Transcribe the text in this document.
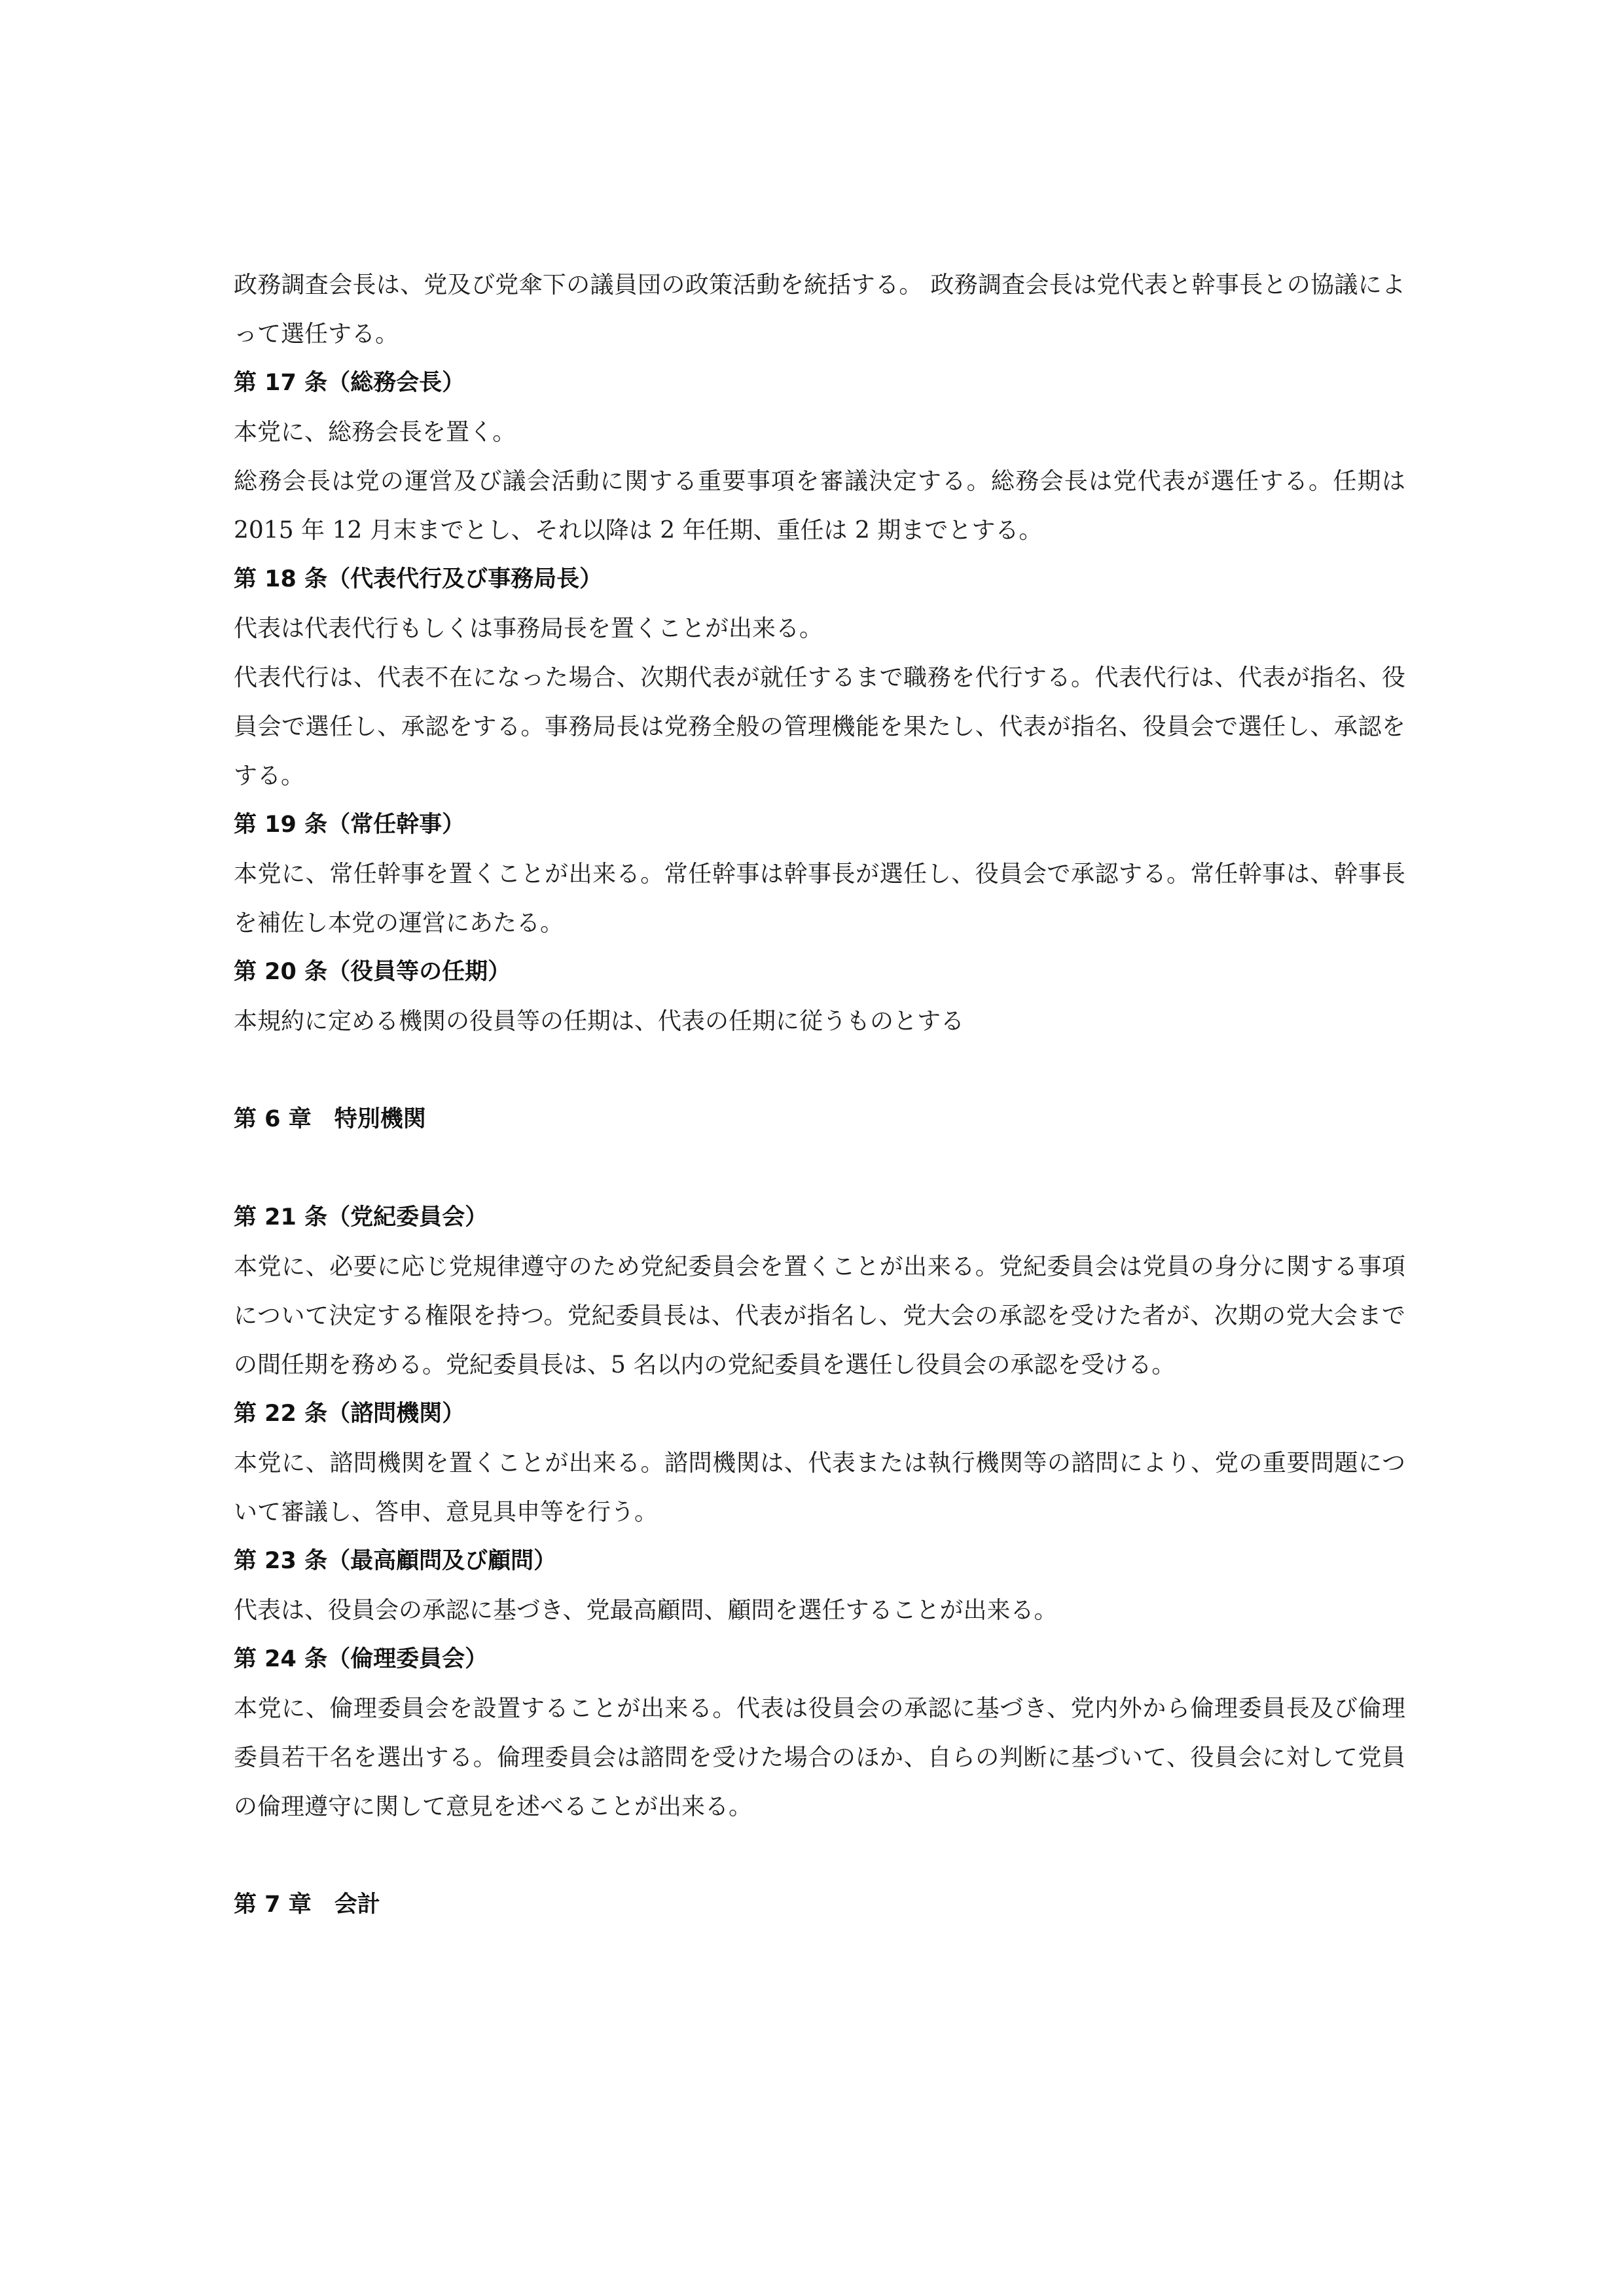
政務調査会長は、党及び党傘下の議員団の政策活動を統括する。 政務調査会長は党代表と幹事長との協議によって選任する。

第 17 条（総務会長）

本党に、総務会長を置く。

総務会長は党の運営及び議会活動に関する重要事項を審議決定する。総務会長は党代表が選任する。任期は 2015 年 12 月末までとし、それ以降は 2 年任期、重任は 2 期までとする。

第 18 条（代表代行及び事務局長）

代表は代表代行もしくは事務局長を置くことが出来る。

代表代行は、代表不在になった場合、次期代表が就任するまで職務を代行する。代表代行は、代表が指名、役員会で選任し、承認をする。事務局長は党務全般の管理機能を果たし、代表が指名、役員会で選任し、承認をする。

第 19 条（常任幹事）

本党に、常任幹事を置くことが出来る。常任幹事は幹事長が選任し、役員会で承認する。常任幹事は、幹事長を補佐し本党の運営にあたる。

第 20 条（役員等の任期）

本規約に定める機関の役員等の任期は、代表の任期に従うものとする

第 6 章　特別機関

第 21 条（党紀委員会）

本党に、必要に応じ党規律遵守のため党紀委員会を置くことが出来る。党紀委員会は党員の身分に関する事項について決定する権限を持つ。党紀委員長は、代表が指名し、党大会の承認を受けた者が、次期の党大会までの間任期を務める。党紀委員長は、5 名以内の党紀委員を選任し役員会の承認を受ける。

第 22 条（諮問機関）

本党に、諮問機関を置くことが出来る。諮問機関は、代表または執行機関等の諮問により、党の重要問題について審議し、答申、意見具申等を行う。

第 23 条（最高顧問及び顧問）

代表は、役員会の承認に基づき、党最高顧問、顧問を選任することが出来る。

第 24 条（倫理委員会）

本党に、倫理委員会を設置することが出来る。代表は役員会の承認に基づき、党内外から倫理委員長及び倫理委員若干名を選出する。倫理委員会は諮問を受けた場合のほか、自らの判断に基づいて、役員会に対して党員の倫理遵守に関して意見を述べることが出来る。

第 7 章　会計
